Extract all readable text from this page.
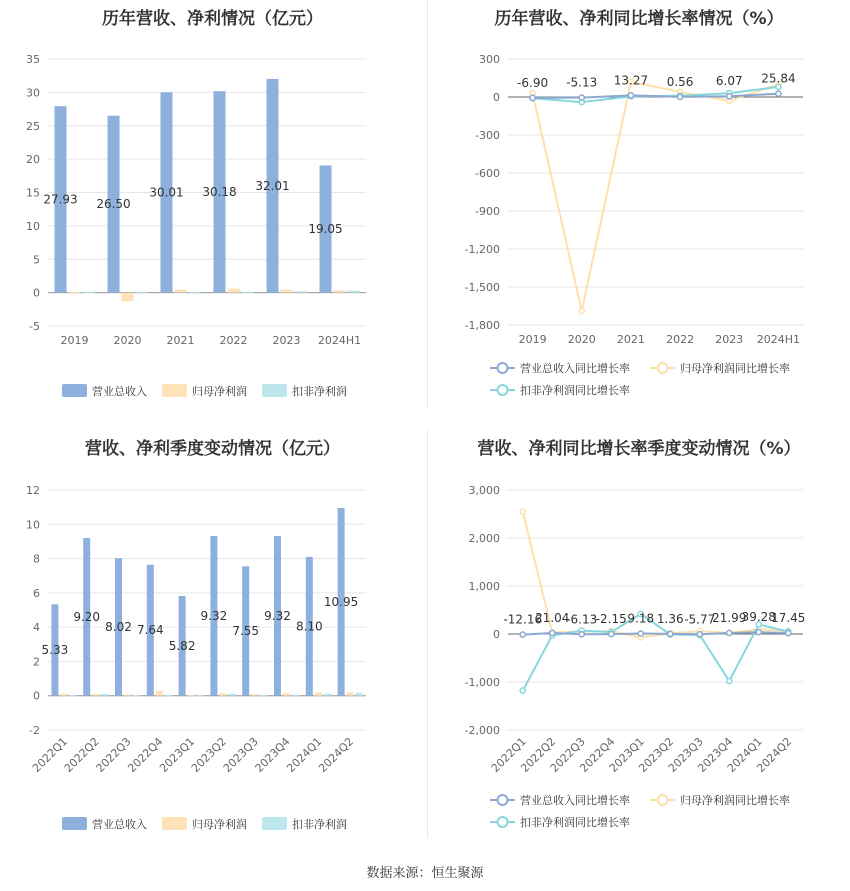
历年营收、净利情况（亿元）
-5
0
5
10
15
20
25
30
35
27.93
2019
26.50
2020
30.01
2021
30.18
2022
32.01
2023
19.05
2024H1
营业总收入	归母净利润	扣非净利润
历年营收、净利同比增长率情况（%）
300
0
-300
-600
-900
-1,200
-1,500
-1,800
-6.90 -5.13 13.27 0.56 6.07 25.84
2019 2020 2021 2022 2023 2024H1
营业总收入同比增长率	归母净利润同比增长率
扣非净利润同比增长率
营收、净利季度变动情况（亿元）
-2
0
2
4
6
8
10
12
5.33
2022Q1
9.20
2022Q2
8.02
2022Q3
7.64
2022Q4
5.82
2023Q1
9.32
2023Q2
7.55
2023Q3
9.32
2023Q4
8.10
2024Q1
10.95
2024Q2
营业总收入	归母净利润	扣非净利润
营收、净利同比增长率季度变动情况（%）
3,000
2,000
1,000
0
-1,000
-2,000
-12.16
21.04
-6.13
-2.15 9.18 1.36 -5.77
21.99
39.28
17.45
2022Q1
2022Q2
2022Q3
2022Q4
2023Q1
2023Q2
2023Q3
2023Q4
2024Q1
2024Q2
营业总收入同比增长率	归母净利润同比增长率
扣非净利润同比增长率
数据来源：恒生聚源
